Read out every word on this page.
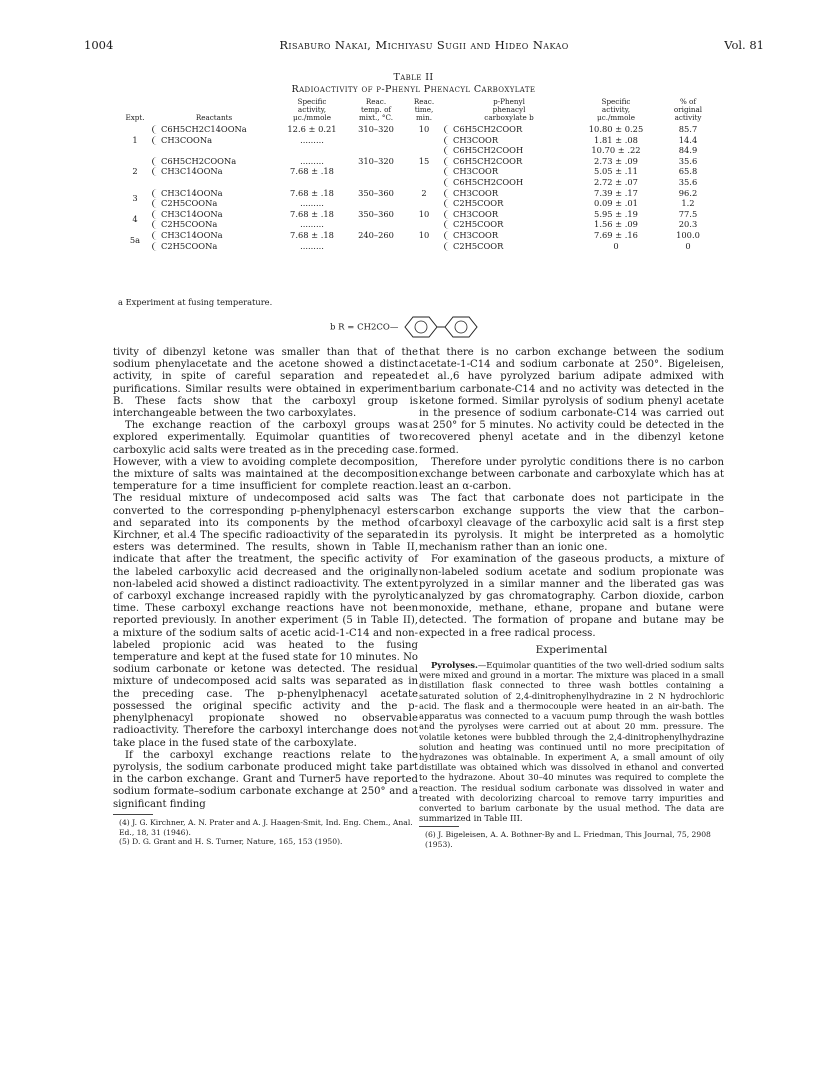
1004	Risaburo Nakai, Michiyasu Sugii and Hideo Nakao	Vol. 81
Table II
Radioactivity of p-Phenyl Phenacyl Carboxylate
Expt.	Reactants	Specific
activity,
μc./mmole	Reac.
temp. of
mixt., °C.	Reac.
time,
min.	p-Phenyl
phenacyl
carboxylate b	Specific
activity,
μc./mmole	% of
original
activity
1	C6H5CH2C14OONa	12.6 ± 0.21	310–320	10	C6H5CH2COOR	10.80 ± 0.25	85.7
	CH3COONa	.........			CH3COOR	1.81 ± .08	14.4
					C6H5CH2COOH	10.70 ± .22	84.9
2	C6H5CH2COONa	.........	310–320	15	C6H5CH2COOR	2.73 ± .09	35.6
	CH3C14OONa	7.68 ± .18			CH3COOR	5.05 ± .11	65.8
					C6H5CH2COOH	2.72 ± .07	35.6
3	CH3C14OONa	7.68 ± .18	350–360	2	CH3COOR	7.39 ± .17	96.2
	C2H5COONa	.........			C2H5COOR	0.09 ± .01	1.2
4	CH3C14OONa	7.68 ± .18	350–360	10	CH3COOR	5.95 ± .19	77.5
	C2H5COONa	.........			C2H5COOR	1.56 ± .09	20.3
5a	CH3C14OONa	7.68 ± .18	240–260	10	CH3COOR	7.69 ± .16	100.0
	C2H5COONa	.........			C2H5COOR	0	0
a Experiment at fusing temperature.
b R = CH2CO—

tivity of dibenzyl ketone was smaller than that of the sodium phenylacetate and the acetone showed a distinct activity, in spite of careful separation and repeated purifications. Similar results were obtained in experiment B. These facts show that the carboxyl group is interchangeable between the two carboxylates.

The exchange reaction of the carboxyl groups was explored experimentally. Equimolar quantities of two carboxylic acid salts were treated as in the preceding case. However, with a view to avoiding complete decomposition, the mixture of salts was maintained at the decomposition temperature for a time insufficient for complete reaction. The residual mixture of undecomposed acid salts was converted to the corresponding p-phenylphenacyl esters and separated into its components by the method of Kirchner, et al.4 The specific radioactivity of the separated esters was determined. The results, shown in Table II, indicate that after the treatment, the specific activity of the labeled carboxylic acid decreased and the originally non-labeled acid showed a distinct radioactivity. The extent of carboxyl exchange increased rapidly with the pyrolytic time. These carboxyl exchange reactions have not been reported previously. In another experiment (5 in Table II), a mixture of the sodium salts of acetic acid-1-C14 and non-labeled propionic acid was heated to the fusing temperature and kept at the fused state for 10 minutes. No sodium carbonate or ketone was detected. The residual mixture of undecomposed acid salts was separated as in the preceding case. The p-phenylphenacyl acetate possessed the original specific activity and the p-phenylphenacyl propionate showed no observable radioactivity. Therefore the carboxyl interchange does not take place in the fused state of the carboxylate.

If the carboxyl exchange reactions relate to the pyrolysis, the sodium carbonate produced might take part in the carbon exchange. Grant and Turner5 have reported sodium formate–sodium carbonate exchange at 250° and a significant finding

(4) J. G. Kirchner, A. N. Prater and A. J. Haagen-Smit, Ind. Eng. Chem., Anal. Ed., 18, 31 (1946).

(5) D. G. Grant and H. S. Turner, Nature, 165, 153 (1950).

that there is no carbon exchange between the sodium acetate-1-C14 and sodium carbonate at 250°. Bigeleisen, et al.,6 have pyrolyzed barium adipate admixed with barium carbonate-C14 and no activity was detected in the ketone formed. Similar pyrolysis of sodium phenyl acetate in the presence of sodium carbonate-C14 was carried out at 250° for 5 minutes. No activity could be detected in the recovered phenyl acetate and in the dibenzyl ketone formed.

Therefore under pyrolytic conditions there is no carbon exchange between carbonate and carboxylate which has at least an α-carbon.

The fact that carbonate does not participate in the carbon exchange supports the view that the carbon–carboxyl cleavage of the carboxylic acid salt is a first step in its pyrolysis. It might be interpreted as a homolytic mechanism rather than an ionic one.

For examination of the gaseous products, a mixture of non-labeled sodium acetate and sodium propionate was pyrolyzed in a similar manner and the liberated gas was analyzed by gas chromatography. Carbon dioxide, carbon monoxide, methane, ethane, propane and butane were detected. The formation of propane and butane may be expected in a free radical process.

Experimental

Pyrolyses.—Equimolar quantities of the two well-dried sodium salts were mixed and ground in a mortar. The mixture was placed in a small distillation flask connected to three wash bottles containing a saturated solution of 2,4-dinitrophenylhydrazine in 2 N hydrochloric acid. The flask and a thermocouple were heated in an air-bath. The apparatus was connected to a vacuum pump through the wash bottles and the pyrolyses were carried out at about 20 mm. pressure. The volatile ketones were bubbled through the 2,4-dinitrophenylhydrazine solution and heating was continued until no more precipitation of hydrazones was obtainable. In experiment A, a small amount of oily distillate was obtained which was dissolved in ethanol and converted to the hydrazone. About 30–40 minutes was required to complete the reaction. The residual sodium carbonate was dissolved in water and treated with decolorizing charcoal to remove tarry impurities and converted to barium carbonate by the usual method. The data are summarized in Table III.

(6) J. Bigeleisen, A. A. Bothner-By and L. Friedman, This Journal, 75, 2908 (1953).
